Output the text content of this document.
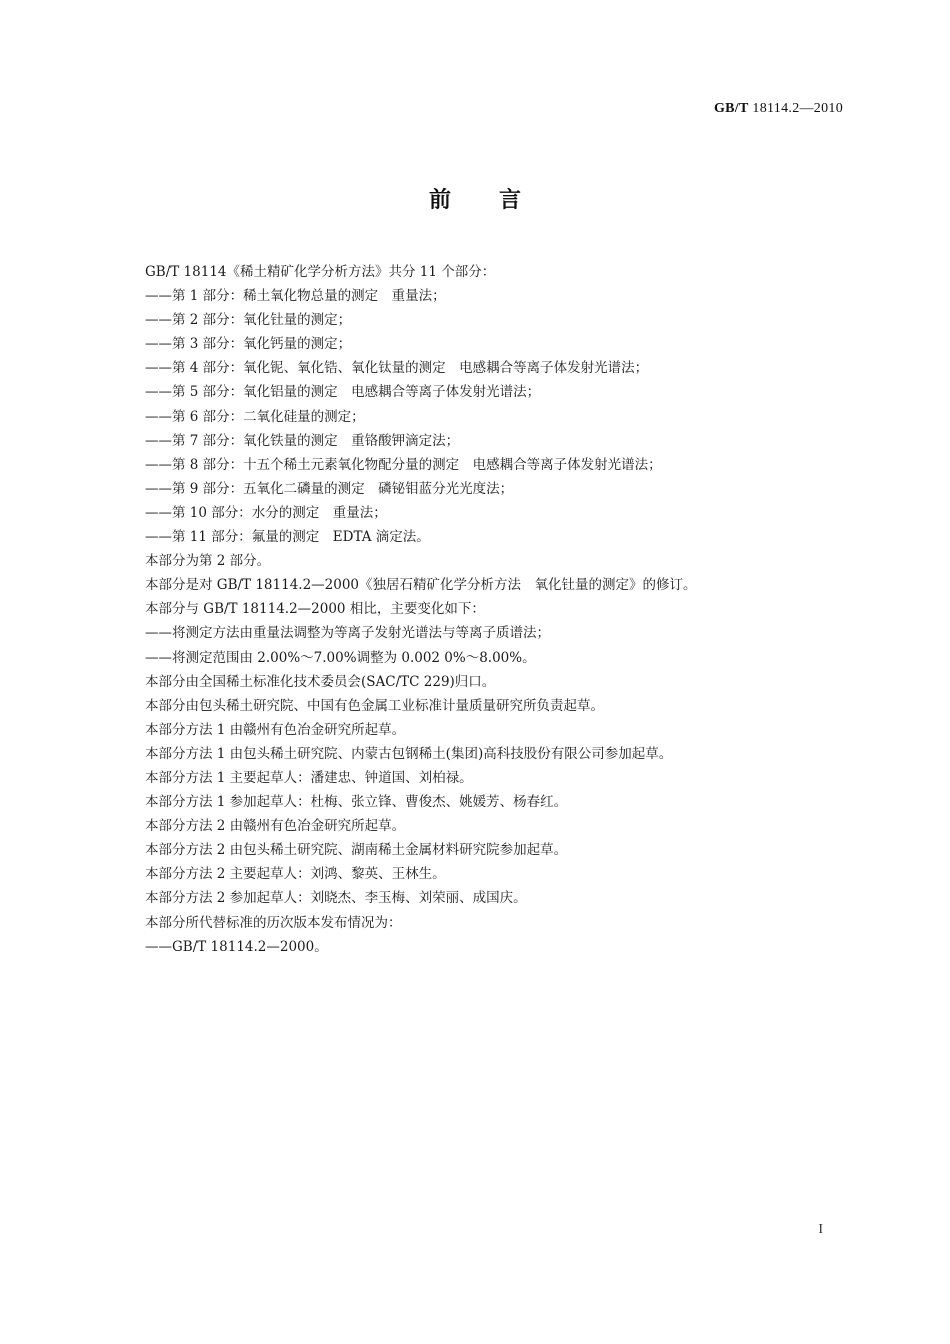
GB/T 18114.2—2010
前言
GB/T 18114《稀土精矿化学分析方法》共分 11 个部分：
——第 1 部分：稀土氧化物总量的测定　重量法；
——第 2 部分：氧化钍量的测定；
——第 3 部分：氧化钙量的测定；
——第 4 部分：氧化铌、氧化锆、氧化钛量的测定　电感耦合等离子体发射光谱法；
——第 5 部分：氧化铝量的测定　电感耦合等离子体发射光谱法；
——第 6 部分：二氧化硅量的测定；
——第 7 部分：氧化铁量的测定　重铬酸钾滴定法；
——第 8 部分：十五个稀土元素氧化物配分量的测定　电感耦合等离子体发射光谱法；
——第 9 部分：五氧化二磷量的测定　磷铋钼蓝分光光度法；
——第 10 部分：水分的测定　重量法；
——第 11 部分：氟量的测定　EDTA 滴定法。
本部分为第 2 部分。
本部分是对 GB/T 18114.2—2000《独居石精矿化学分析方法　氧化钍量的测定》的修订。
本部分与 GB/T 18114.2—2000 相比，主要变化如下：
——将测定方法由重量法调整为等离子发射光谱法与等离子质谱法；
——将测定范围由 2.00%～7.00%调整为 0.002 0%～8.00%。
本部分由全国稀土标准化技术委员会(SAC/TC 229)归口。
本部分由包头稀土研究院、中国有色金属工业标准计量质量研究所负责起草。
本部分方法 1 由赣州有色冶金研究所起草。
本部分方法 1 由包头稀土研究院、内蒙古包钢稀土(集团)高科技股份有限公司参加起草。
本部分方法 1 主要起草人：潘建忠、钟道国、刘柏禄。
本部分方法 1 参加起草人：杜梅、张立锋、曹俊杰、姚媛芳、杨春红。
本部分方法 2 由赣州有色冶金研究所起草。
本部分方法 2 由包头稀土研究院、湖南稀土金属材料研究院参加起草。
本部分方法 2 主要起草人：刘鸿、黎英、王林生。
本部分方法 2 参加起草人：刘晓杰、李玉梅、刘荣丽、成国庆。
本部分所代替标准的历次版本发布情况为：
——GB/T 18114.2—2000。
I
